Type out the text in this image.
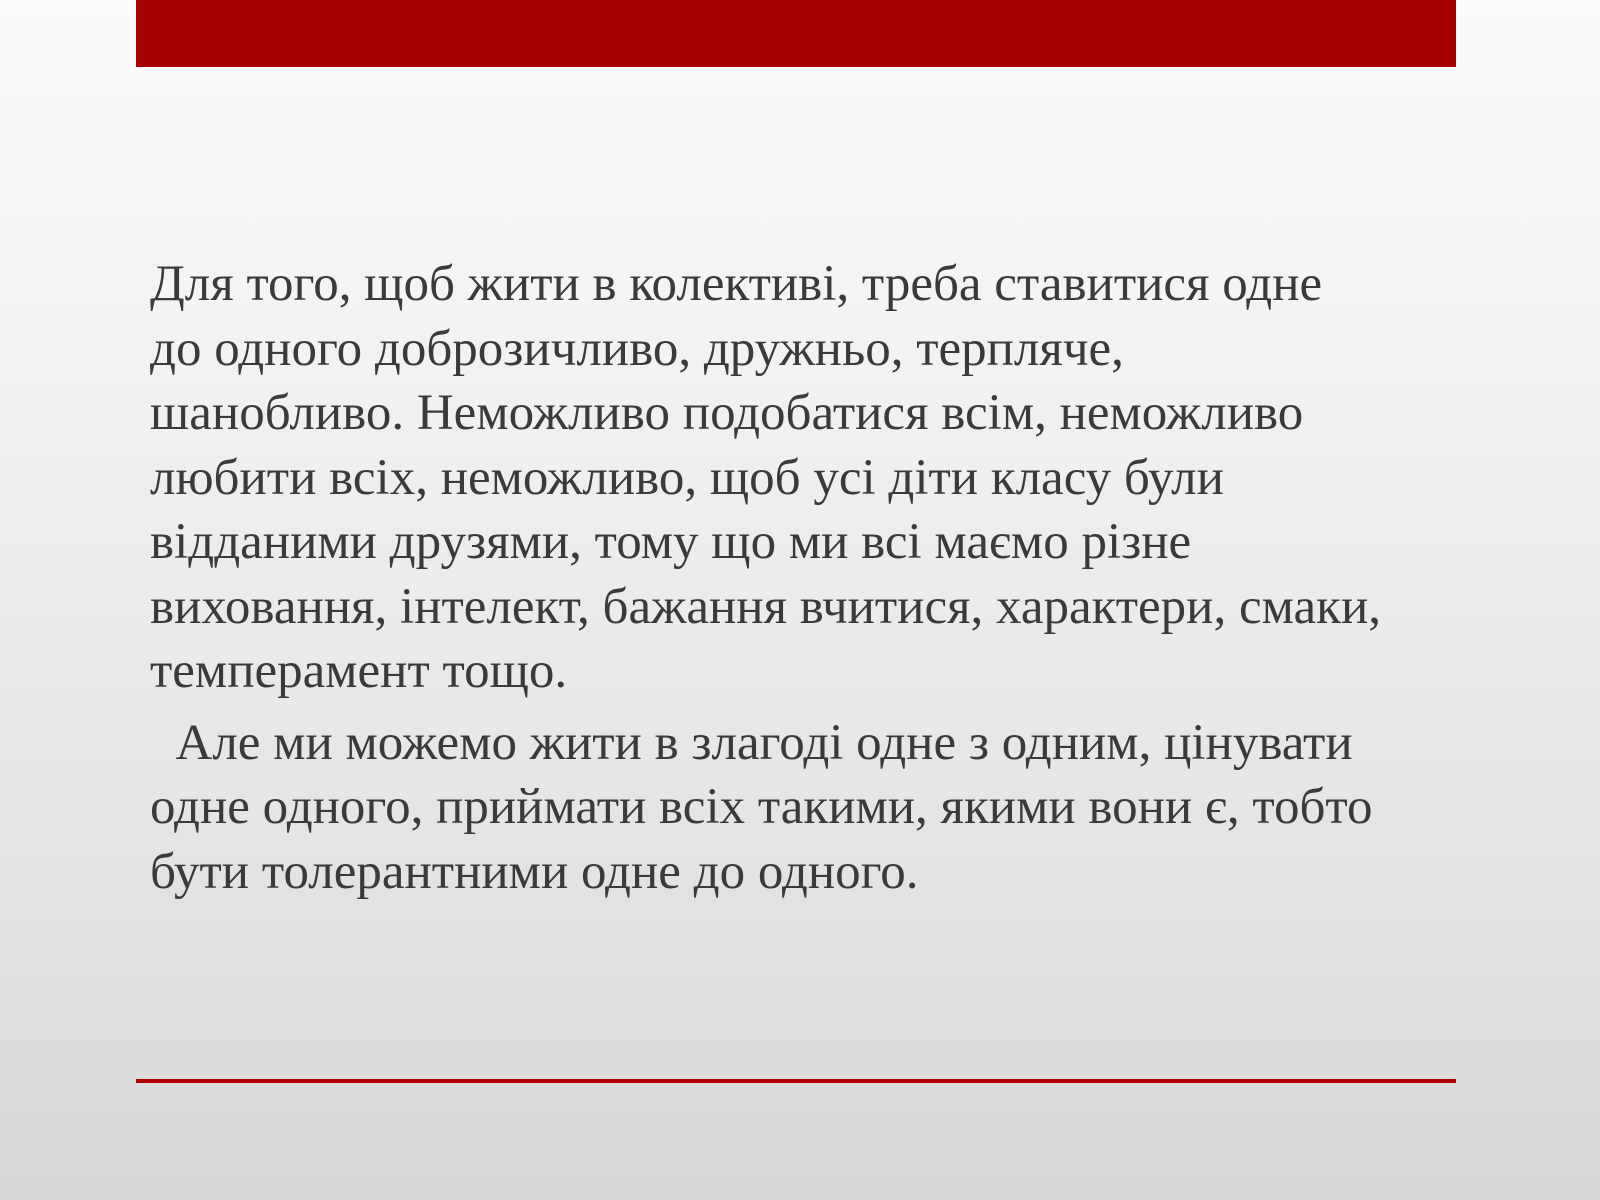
Для того, щоб жити в колективі, треба ставитися одне
до одного доброзичливо, дружньо, терпляче,
шанобливо. Неможливо подобатися всім, неможливо
любити всіх, неможливо, щоб усі діти класу були
відданими друзями, тому що ми всі маємо різне
виховання, інтелект, бажання вчитися, характери, смаки,
темперамент тощо.

Але ми можемо жити в злагоді одне з одним, цінувати
одне одного, приймати всіх такими, якими вони є, тобто
бути толерантними одне до одного.
